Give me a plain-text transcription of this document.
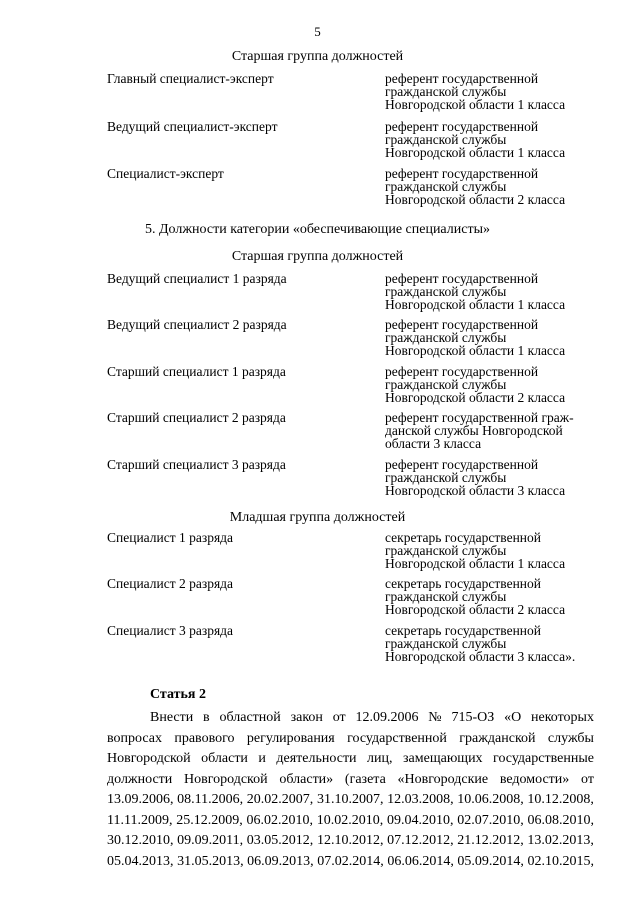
5
Старшая группа должностей
Главный специалист-эксперт	референт государственной
гражданской службы
Новгородской области 1 класса
Ведущий специалист-эксперт	референт государственной
гражданской службы
Новгородской области 1 класса
Специалист-эксперт	референт государственной
гражданской службы
Новгородской области 2 класса
5. Должности категории «обеспечивающие специалисты»
Старшая группа должностей
Ведущий специалист 1 разряда	референт государственной
гражданской службы
Новгородской области 1 класса
Ведущий специалист 2 разряда	референт государственной
гражданской службы
Новгородской области 1 класса
Старший специалист 1 разряда	референт государственной
гражданской службы
Новгородской области 2 класса
Старший специалист 2 разряда	референт государственной граж-
данской службы Новгородской
области 3 класса
Старший специалист 3 разряда	референт государственной
гражданской службы
Новгородской области 3 класса
Младшая группа должностей
Специалист 1 разряда	секретарь государственной
гражданской службы
Новгородской области 1 класса
Специалист 2 разряда	секретарь государственной
гражданской службы
Новгородской области 2 класса
Специалист 3 разряда	секретарь государственной
гражданской службы
Новгородской области 3 класса».
Статья 2
Внести в областной закон от 12.09.2006 № 715-ОЗ «О некоторых
вопросах правового регулирования государственной гражданской службы
Новгородской области и деятельности лиц, замещающих государственные
должности Новгородской области» (газета «Новгородские ведомости» от
13.09.2006, 08.11.2006, 20.02.2007, 31.10.2007, 12.03.2008, 10.06.2008, 10.12.2008,
11.11.2009, 25.12.2009, 06.02.2010, 10.02.2010, 09.04.2010, 02.07.2010, 06.08.2010,
30.12.2010, 09.09.2011, 03.05.2012, 12.10.2012, 07.12.2012, 21.12.2012, 13.02.2013,
05.04.2013, 31.05.2013, 06.09.2013, 07.02.2014, 06.06.2014, 05.09.2014, 02.10.2015,
